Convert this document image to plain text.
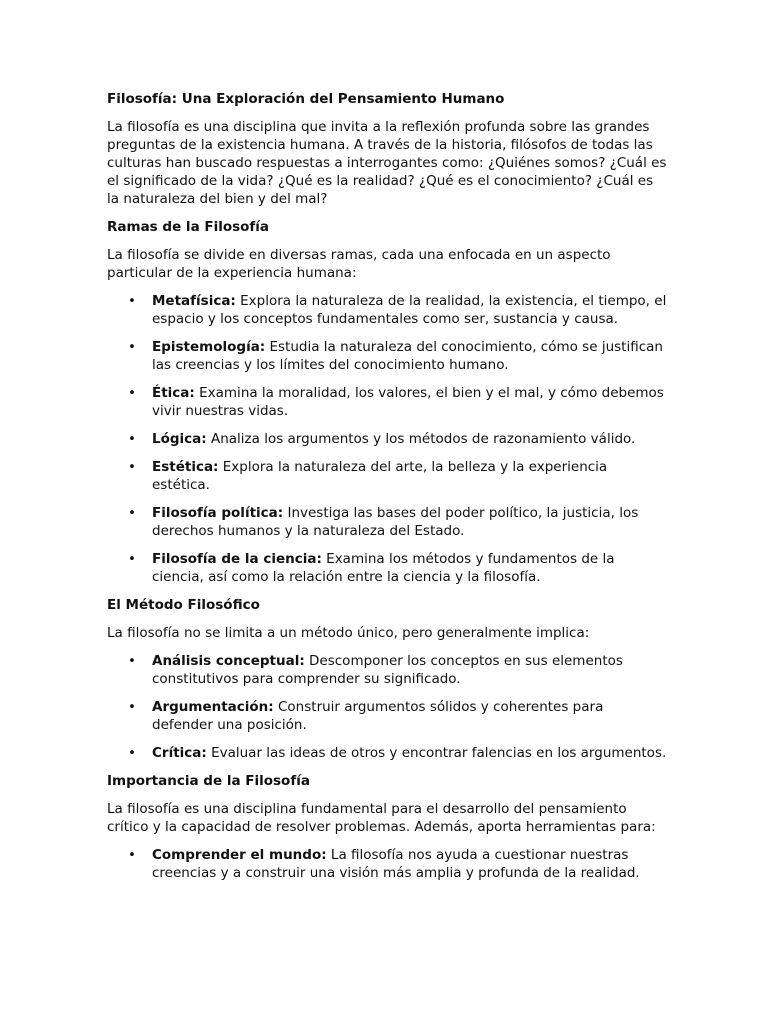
Filosofía: Una Exploración del Pensamiento Humano

La filosofía es una disciplina que invita a la reflexión profunda sobre las grandes preguntas de la existencia humana. A través de la historia, filósofos de todas las culturas han buscado respuestas a interrogantes como: ¿Quiénes somos? ¿Cuál es el significado de la vida? ¿Qué es la realidad? ¿Qué es el conocimiento? ¿Cuál es la naturaleza del bien y del mal?

Ramas de la Filosofía

La filosofía se divide en diversas ramas, cada una enfocada en un aspecto particular de la experiencia humana:

• Metafísica: Explora la naturaleza de la realidad, la existencia, el tiempo, el espacio y los conceptos fundamentales como ser, sustancia y causa.
• Epistemología: Estudia la naturaleza del conocimiento, cómo se justifican las creencias y los límites del conocimiento humano.
• Ética: Examina la moralidad, los valores, el bien y el mal, y cómo debemos vivir nuestras vidas.
• Lógica: Analiza los argumentos y los métodos de razonamiento válido.
• Estética: Explora la naturaleza del arte, la belleza y la experiencia estética.
• Filosofía política: Investiga las bases del poder político, la justicia, los derechos humanos y la naturaleza del Estado.
• Filosofía de la ciencia: Examina los métodos y fundamentos de la ciencia, así como la relación entre la ciencia y la filosofía.
El Método Filosófico

La filosofía no se limita a un método único, pero generalmente implica:

• Análisis conceptual: Descomponer los conceptos en sus elementos constitutivos para comprender su significado.
• Argumentación: Construir argumentos sólidos y coherentes para defender una posición.
• Crítica: Evaluar las ideas de otros y encontrar falencias en los argumentos.
Importancia de la Filosofía

La filosofía es una disciplina fundamental para el desarrollo del pensamiento crítico y la capacidad de resolver problemas. Además, aporta herramientas para:

• Comprender el mundo: La filosofía nos ayuda a cuestionar nuestras creencias y a construir una visión más amplia y profunda de la realidad.
